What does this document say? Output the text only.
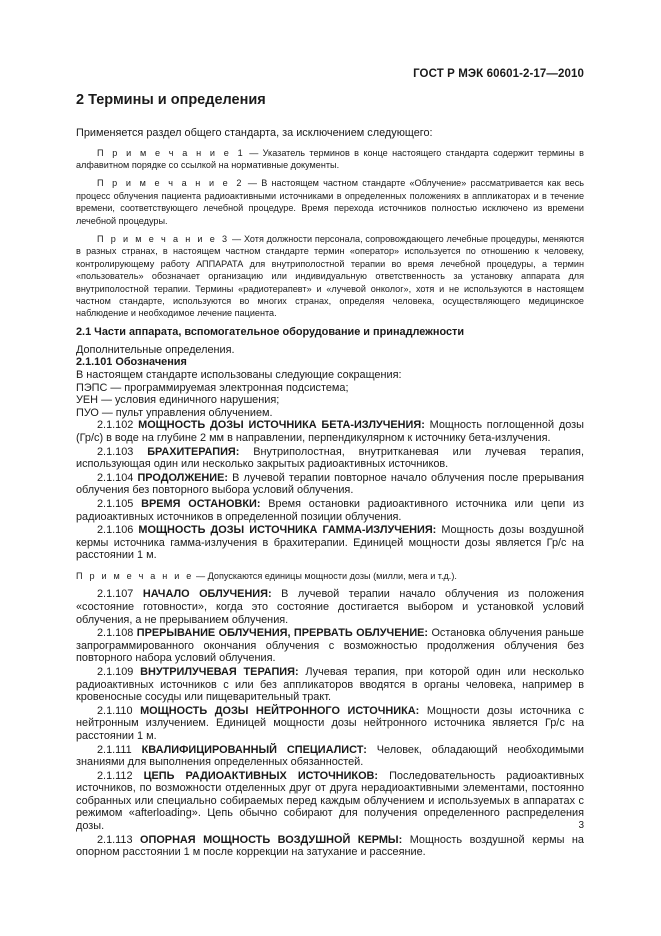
ГОСТ Р МЭК 60601-2-17—2010
2 Термины и определения

Применяется раздел общего стандарта, за исключением следующего:

П р и м е ч а н и е 1 — Указатель терминов в конце настоящего стандарта содержит термины в алфавитном порядке со ссылкой на нормативные документы.

П р и м е ч а н и е 2 — В настоящем частном стандарте «Облучение» рассматривается как весь процесс облучения пациента радиоактивными источниками в определенных положениях в аппликаторах и в течение времени, соответствующего лечебной процедуре. Время перехода источников полностью исключено из времени лечебной процедуры.

П р и м е ч а н и е 3 — Хотя должности персонала, сопровождающего лечебные процедуры, меняются в разных странах, в настоящем частном стандарте термин «оператор» используется по отношению к человеку, контролирующему работу АППАРАТА для внутриполостной терапии во время лечебной процедуры, а термин «пользователь» обозначает организацию или индивидуальную ответственность за установку аппарата для внутриполостной терапии. Термины «радиотерапевт» и «лучевой онколог», хотя и не используются в настоящем частном стандарте, используются во многих странах, определяя человека, осуществляющего медицинское наблюдение и необходимое лечение пациента.

2.1 Части аппарата, вспомогательное оборудование и принадлежности

Дополнительные определения.

2.1.101 Обозначения

В настоящем стандарте использованы следующие сокращения:

ПЭПС — программируемая электронная подсистема;

УЕН — условия единичного нарушения;

ПУО — пульт управления облучением.

2.1.102 МОЩНОСТЬ ДОЗЫ ИСТОЧНИКА БЕТА-ИЗЛУЧЕНИЯ: Мощность поглощенной дозы (Гр/с) в воде на глубине 2 мм в направлении, перпендикулярном к источнику бета-излучения.

2.1.103 БРАХИТЕРАПИЯ: Внутриполостная, внутритканевая или лучевая терапия, использующая один или несколько закрытых радиоактивных источников.

2.1.104 ПРОДОЛЖЕНИЕ: В лучевой терапии повторное начало облучения после прерывания облучения без повторного выбора условий облучения.

2.1.105 ВРЕМЯ ОСТАНОВКИ: Время остановки радиоактивного источника или цепи из радиоактивных источников в определенной позиции облучения.

2.1.106 МОЩНОСТЬ ДОЗЫ ИСТОЧНИКА ГАММА-ИЗЛУЧЕНИЯ: Мощность дозы воздушной кермы источника гамма-излучения в брахитерапии. Единицей мощности дозы является Гр/с на расстоянии 1 м.

П р и м е ч а н и е — Допускаются единицы мощности дозы (милли, мега и т.д.).

2.1.107 НАЧАЛО ОБЛУЧЕНИЯ: В лучевой терапии начало облучения из положения «состояние готовности», когда это состояние достигается выбором и установкой условий облучения, а не прерыванием облучения.

2.1.108 ПРЕРЫВАНИЕ ОБЛУЧЕНИЯ, ПРЕРВАТЬ ОБЛУЧЕНИЕ: Остановка облучения раньше запрограммированного окончания облучения с возможностью продолжения облучения без повторного набора условий облучения.

2.1.109 ВНУТРИЛУЧЕВАЯ ТЕРАПИЯ: Лучевая терапия, при которой один или несколько радиоактивных источников с или без аппликаторов вводятся в органы человека, например в кровеносные сосуды или пищеварительный тракт.

2.1.110 МОЩНОСТЬ ДОЗЫ НЕЙТРОННОГО ИСТОЧНИКА: Мощности дозы источника с нейтронным излучением. Единицей мощности дозы нейтронного источника является Гр/с на расстоянии 1 м.

2.1.111 КВАЛИФИЦИРОВАННЫЙ СПЕЦИАЛИСТ: Человек, обладающий необходимыми знаниями для выполнения определенных обязанностей.

2.1.112 ЦЕПЬ РАДИОАКТИВНЫХ ИСТОЧНИКОВ: Последовательность радиоактивных источников, по возможности отделенных друг от друга нерадиоактивными элементами, постоянно собранных или специально собираемых перед каждым облучением и используемых в аппаратах с режимом «afterloading». Цепь обычно собирают для получения определенного распределения дозы.

2.1.113 ОПОРНАЯ МОЩНОСТЬ ВОЗДУШНОЙ КЕРМЫ: Мощность воздушной кермы на опорном расстоянии 1 м после коррекции на затухание и рассеяние.

3
